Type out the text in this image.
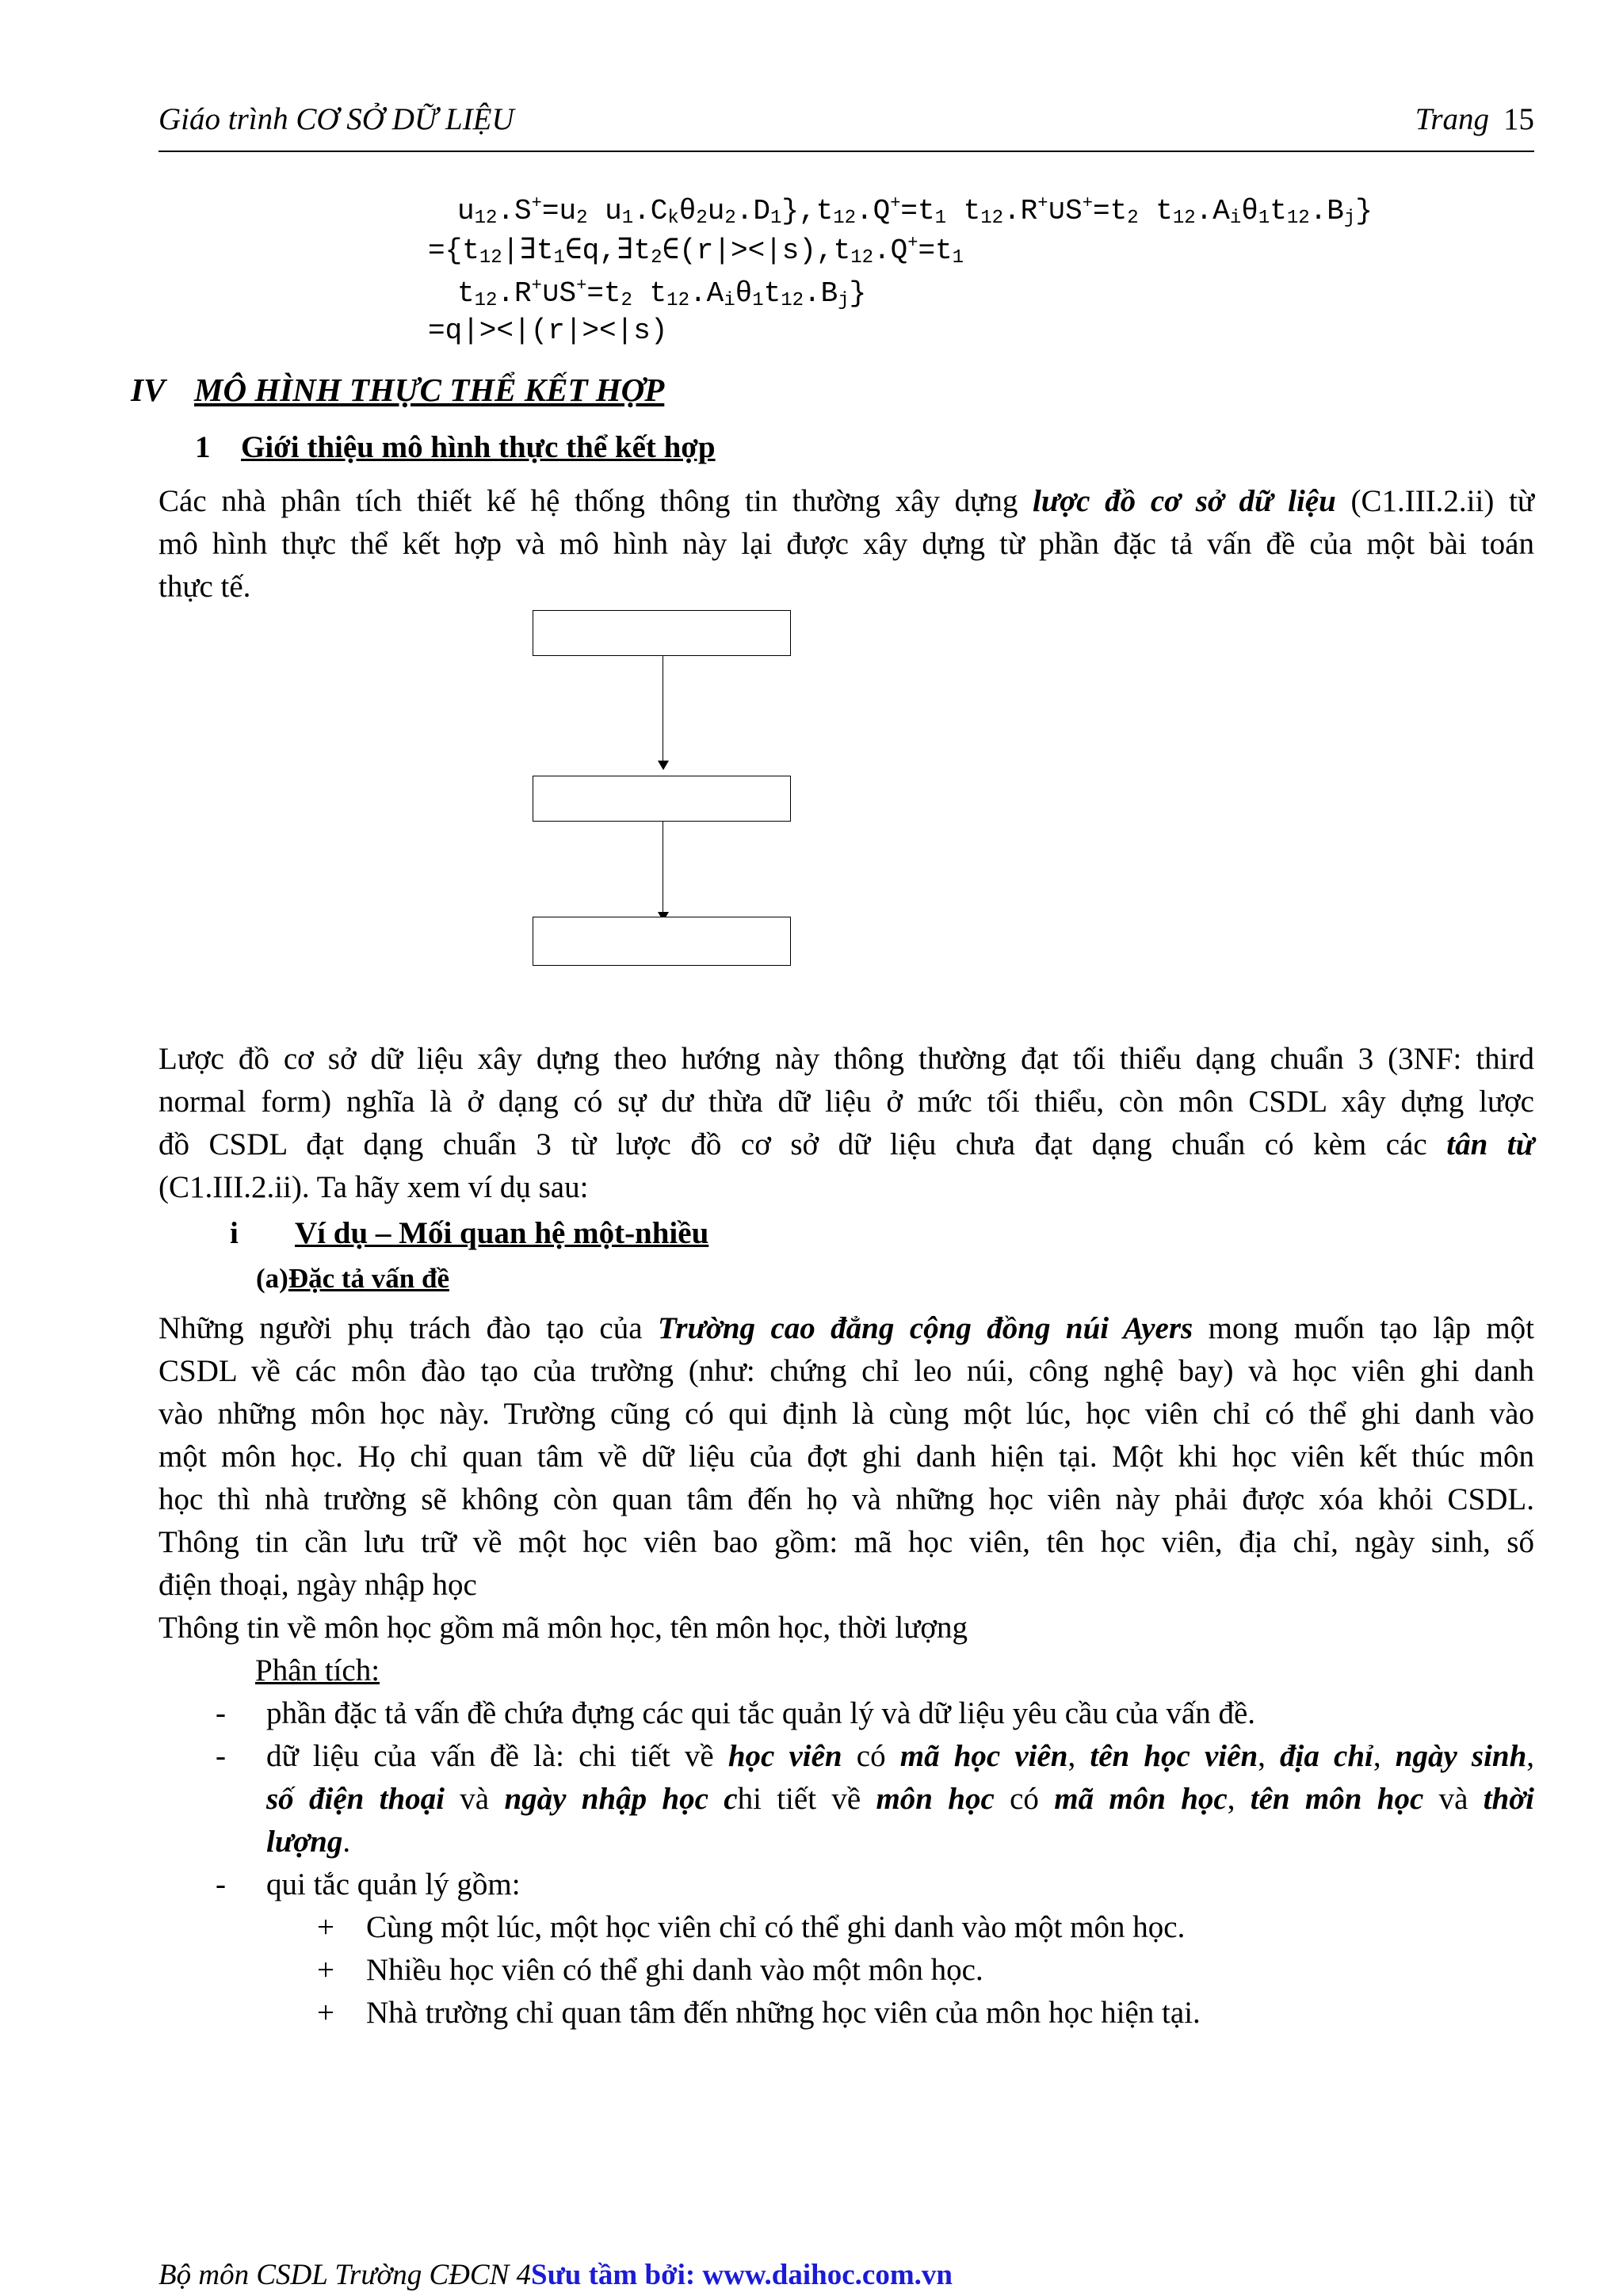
Giáo trình CƠ SỞ DỮ LIỆU	Trang 15
$u_{12}.S^+=u_2$ $u_1.C_k\theta_2u_2.D_1\},t_{12}.Q^+=t_1$ $t_{12}.R^+\cup S^+=t_2$ $t_{12}.A_i\theta_1t_{12}.B_j$}
$=\{t_{12}|\exists t_1\in q,\exists t_2\in(r|><|s),t_{12}.Q^+=t_1$
$t_{12}.R^+\cup S^+=t_2$ $t_{12}.A_i\theta_1t_{12}.B_j$}
=q|><|(r|><|s)
IV MÔ HÌNH THỰC THỂ KẾT HỢP
1 Giới thiệu mô hình thực thể kết hợp
Các nhà phân tích thiết kế hệ thống thông tin thường xây dựng lược đồ cơ sở dữ liệu (C1.III.2.ii) từ
mô hình thực thể kết hợp và mô hình này lại được xây dựng từ phần đặc tả vấn đề của một bài toán
thực tế.
Lược đồ cơ sở dữ liệu xây dựng theo hướng này thông thường đạt tối thiểu dạng chuẩn 3 (3NF: third
normal form) nghĩa là ở dạng có sự dư thừa dữ liệu ở mức tối thiểu, còn môn CSDL xây dựng lược
đồ CSDL đạt dạng chuẩn 3 từ lược đồ cơ sở dữ liệu chưa đạt dạng chuẩn có kèm các tân từ
(C1.III.2.ii). Ta hãy xem ví dụ sau:
i Ví dụ – Mối quan hệ một-nhiều
(a)Đặc tả vấn đề
Những người phụ trách đào tạo của Trường cao đẳng cộng đồng núi Ayers mong muốn tạo lập một
CSDL về các môn đào tạo của trường (như: chứng chỉ leo núi, công nghệ bay) và học viên ghi danh
vào những môn học này. Trường cũng có qui định là cùng một lúc, học viên chỉ có thể ghi danh vào
một môn học. Họ chỉ quan tâm về dữ liệu của đợt ghi danh hiện tại. Một khi học viên kết thúc môn
học thì nhà trường sẽ không còn quan tâm đến họ và những học viên này phải được xóa khỏi CSDL.
Thông tin cần lưu trữ về một học viên bao gồm: mã học viên, tên học viên, địa chỉ, ngày sinh, số
điện thoại, ngày nhập học
Thông tin về môn học gồm mã môn học, tên môn học, thời lượng
Phân tích:
- phần đặc tả vấn đề chứa đựng các qui tắc quản lý và dữ liệu yêu cầu của vấn đề.
- dữ liệu của vấn đề là: chi tiết về học viên có mã học viên, tên học viên, địa chỉ, ngày sinh,
số điện thoại và ngày nhập học chi tiết về môn học có mã môn học, tên môn học và thời
lượng.
- qui tắc quản lý gồm:
+ Cùng một lúc, một học viên chỉ có thể ghi danh vào một môn học.
+ Nhiều học viên có thể ghi danh vào một môn học.
+ Nhà trường chỉ quan tâm đến những học viên của môn học hiện tại.
Bộ môn CSDL Trường CĐCN 4Sưu tầm bởi: www.daihoc.com.vn
